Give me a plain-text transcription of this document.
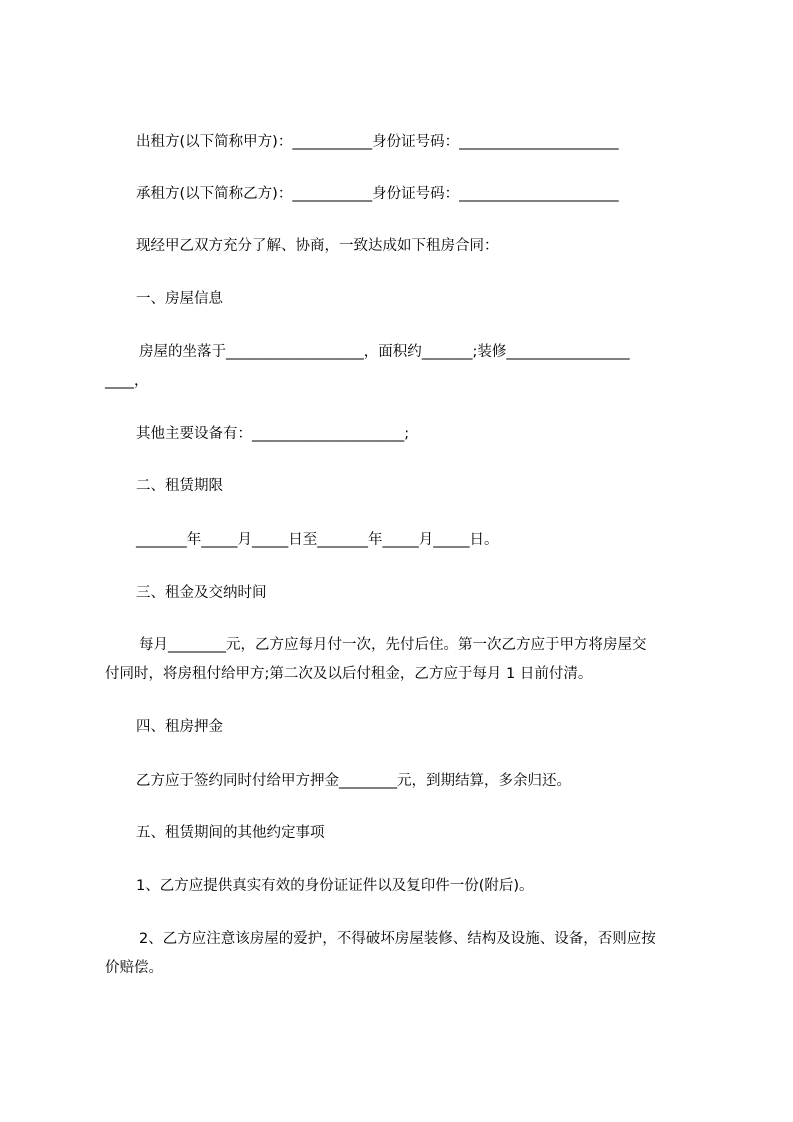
出租方(以下简称甲方)：___________身份证号码：______________________

承租方(以下简称乙方)：___________身份证号码：______________________

现经甲乙双方充分了解、协商，一致达成如下租房合同：

一、房屋信息

房屋的坐落于___________________，面积约_______;装修_________________

____，

其他主要设备有：_____________________;

二、租赁期限

_______年_____月_____日至_______年_____月_____日。

三、租金及交纳时间

每月________元，乙方应每月付一次，先付后住。第一次乙方应于甲方将房屋交

付同时，将房租付给甲方;第二次及以后付租金，乙方应于每月 1 日前付清。

四、租房押金

乙方应于签约同时付给甲方押金________元，到期结算，多余归还。

五、租赁期间的其他约定事项

1、乙方应提供真实有效的身份证证件以及复印件一份(附后)。

2、乙方应注意该房屋的爱护，不得破坏房屋装修、结构及设施、设备，否则应按

价赔偿。
